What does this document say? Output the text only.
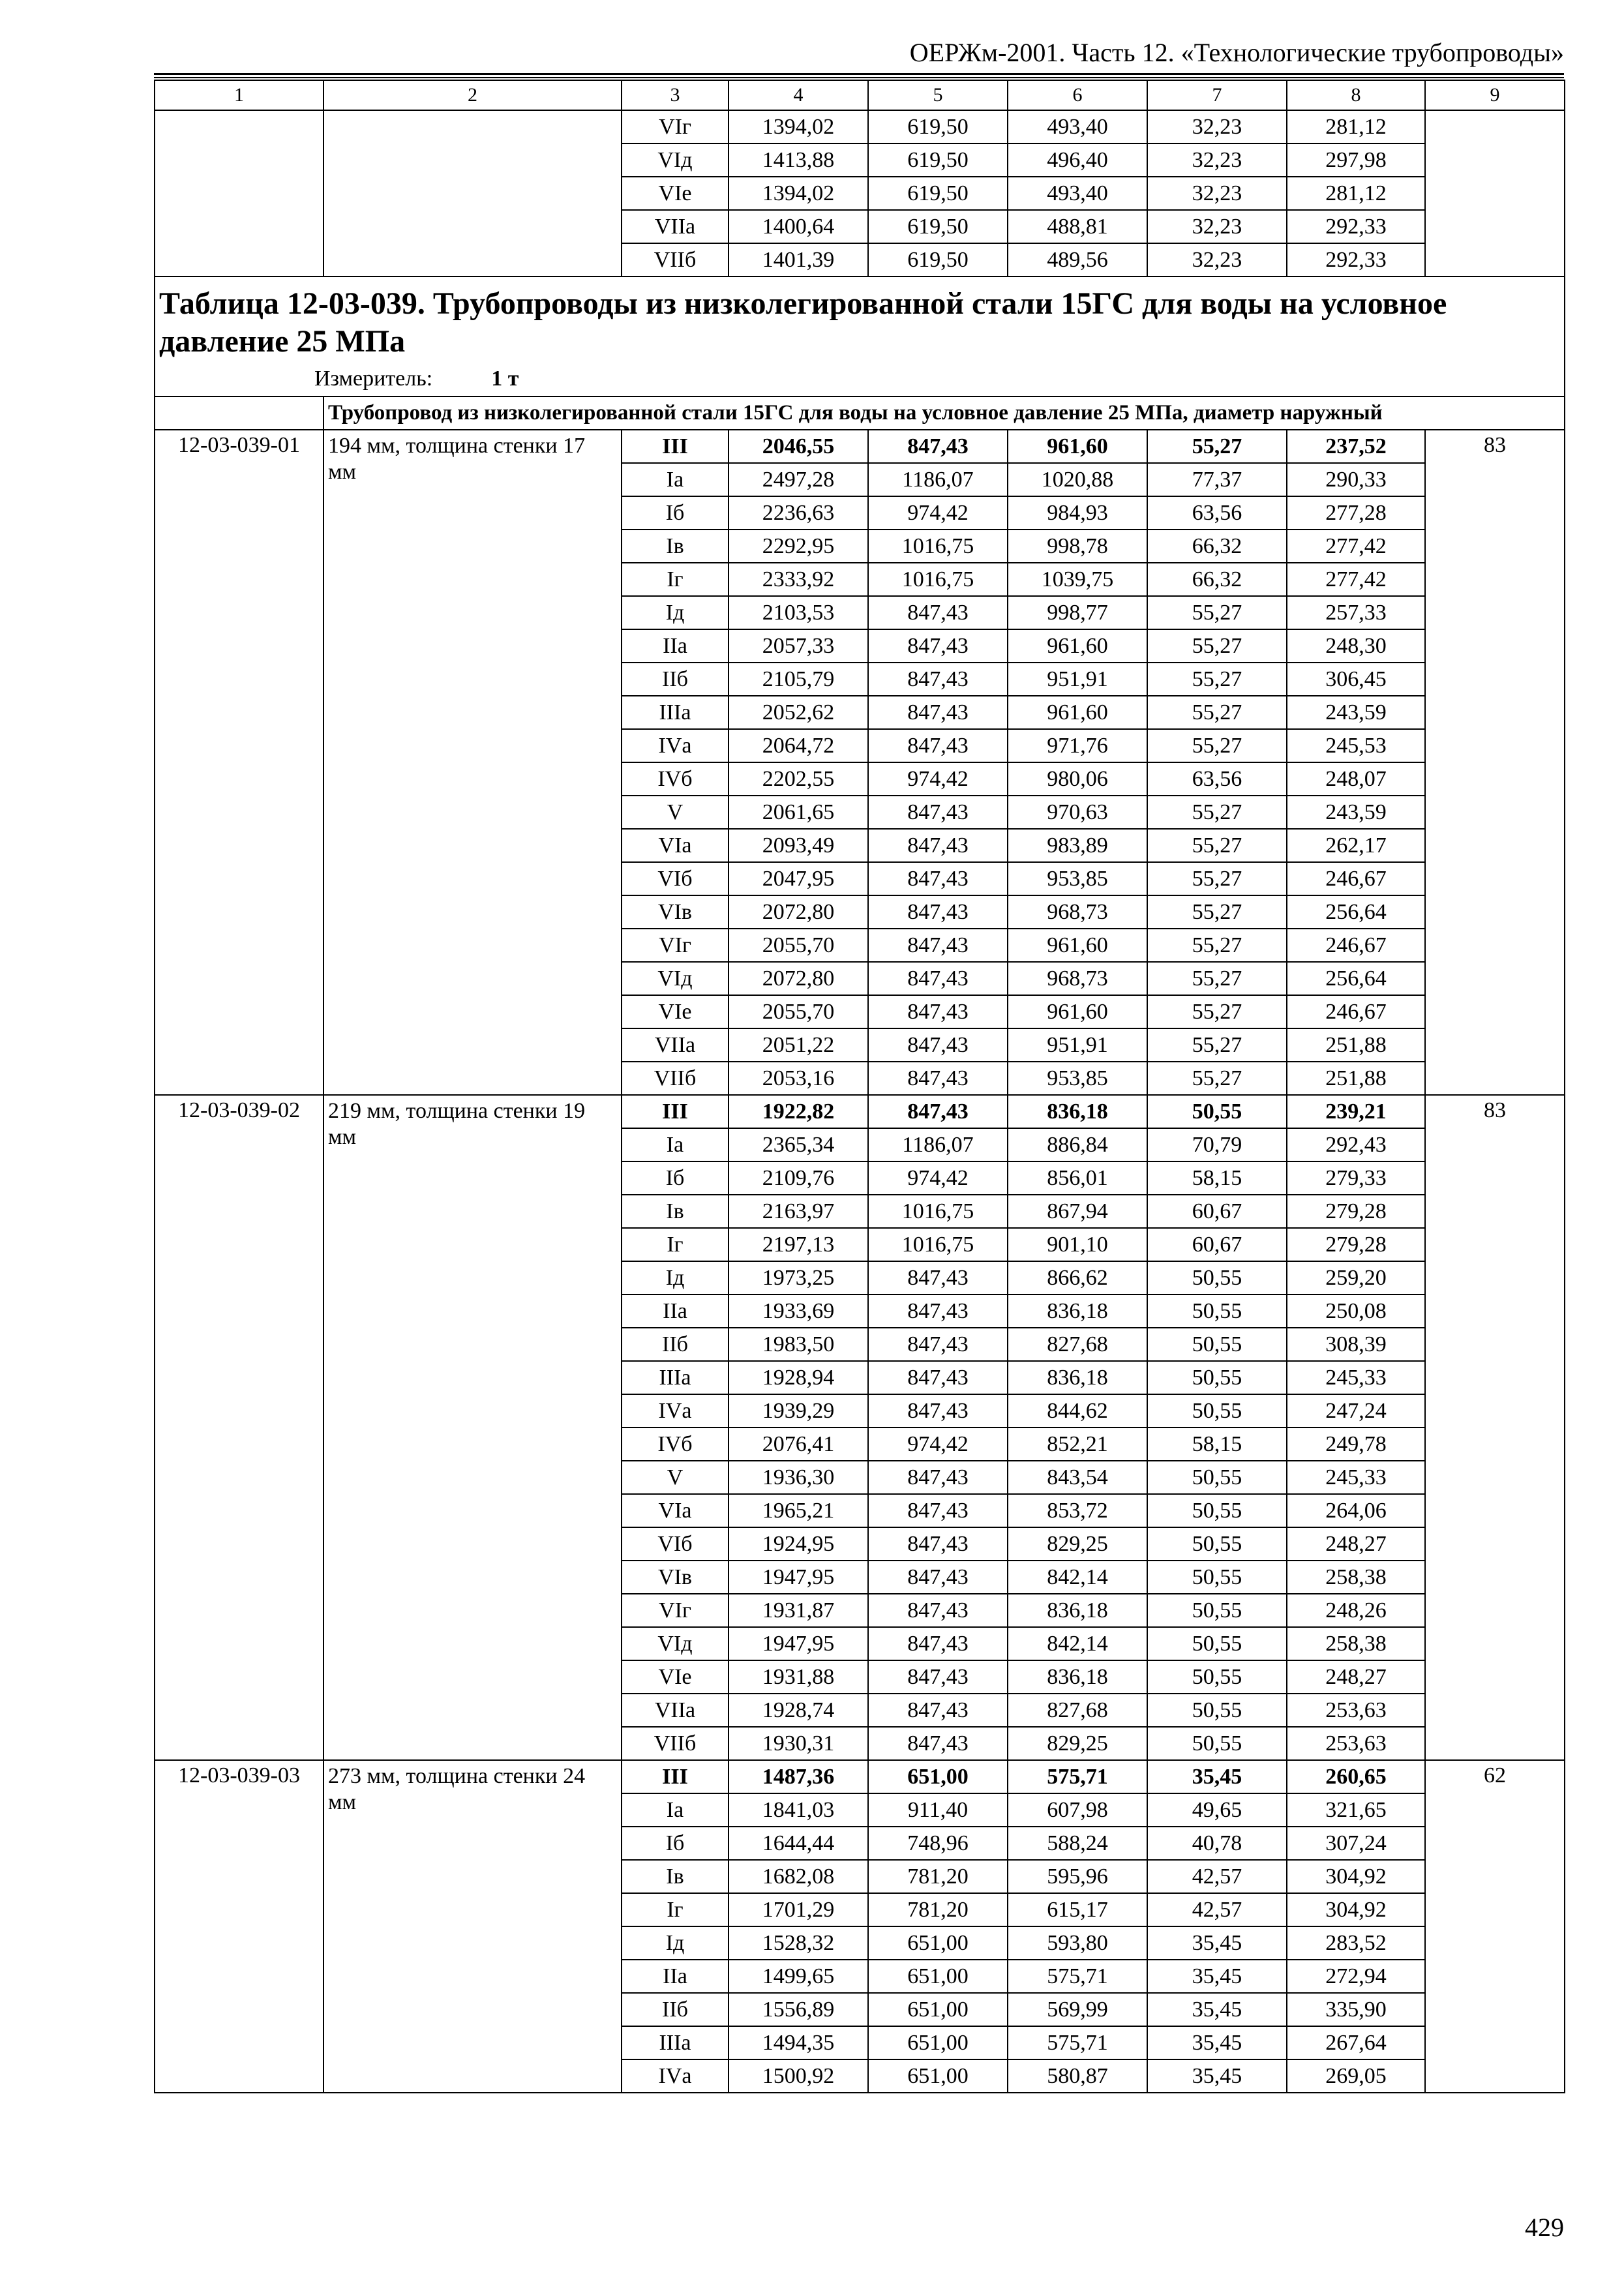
ОЕРЖм-2001. Часть 12. «Технологические трубопроводы»
1	2	3	4	5	6	7	8	9
		VIг	1394,02	619,50	493,40	32,23	281,12	
		VIд	1413,88	619,50	496,40	32,23	297,98	
		VIе	1394,02	619,50	493,40	32,23	281,12	
		VIIа	1400,64	619,50	488,81	32,23	292,33	
		VIIб	1401,39	619,50	489,56	32,23	292,33	

Таблица 12-03-039. Трубопроводы из низколегированной стали 15ГС для воды на условное давление 25 МПа
Измеритель: 1 т								

	Трубопровод из низколегированной стали 15ГС для воды на условное давление 25 МПа, диаметр наружный							
12-03-039-01	194 мм, толщина стенки 17 мм	III	2046,55	847,43	961,60	55,27	237,52	83
		Iа	2497,28	1186,07	1020,88	77,37	290,33	
		Iб	2236,63	974,42	984,93	63,56	277,28	
		Iв	2292,95	1016,75	998,78	66,32	277,42	
		Iг	2333,92	1016,75	1039,75	66,32	277,42	
		Iд	2103,53	847,43	998,77	55,27	257,33	
		IIа	2057,33	847,43	961,60	55,27	248,30	
		IIб	2105,79	847,43	951,91	55,27	306,45	
		IIIа	2052,62	847,43	961,60	55,27	243,59	
		IVа	2064,72	847,43	971,76	55,27	245,53	
		IVб	2202,55	974,42	980,06	63,56	248,07	
		V	2061,65	847,43	970,63	55,27	243,59	
		VIа	2093,49	847,43	983,89	55,27	262,17	
		VIб	2047,95	847,43	953,85	55,27	246,67	
		VIв	2072,80	847,43	968,73	55,27	256,64	
		VIг	2055,70	847,43	961,60	55,27	246,67	
		VIд	2072,80	847,43	968,73	55,27	256,64	
		VIе	2055,70	847,43	961,60	55,27	246,67	
		VIIа	2051,22	847,43	951,91	55,27	251,88	
		VIIб	2053,16	847,43	953,85	55,27	251,88	
12-03-039-02	219 мм, толщина стенки 19 мм	III	1922,82	847,43	836,18	50,55	239,21	83
		Iа	2365,34	1186,07	886,84	70,79	292,43	
		Iб	2109,76	974,42	856,01	58,15	279,33	
		Iв	2163,97	1016,75	867,94	60,67	279,28	
		Iг	2197,13	1016,75	901,10	60,67	279,28	
		Iд	1973,25	847,43	866,62	50,55	259,20	
		IIа	1933,69	847,43	836,18	50,55	250,08	
		IIб	1983,50	847,43	827,68	50,55	308,39	
		IIIа	1928,94	847,43	836,18	50,55	245,33	
		IVа	1939,29	847,43	844,62	50,55	247,24	
		IVб	2076,41	974,42	852,21	58,15	249,78	
		V	1936,30	847,43	843,54	50,55	245,33	
		VIа	1965,21	847,43	853,72	50,55	264,06	
		VIб	1924,95	847,43	829,25	50,55	248,27	
		VIв	1947,95	847,43	842,14	50,55	258,38	
		VIг	1931,87	847,43	836,18	50,55	248,26	
		VIд	1947,95	847,43	842,14	50,55	258,38	
		VIе	1931,88	847,43	836,18	50,55	248,27	
		VIIа	1928,74	847,43	827,68	50,55	253,63	
		VIIб	1930,31	847,43	829,25	50,55	253,63	
12-03-039-03	273 мм, толщина стенки 24 мм	III	1487,36	651,00	575,71	35,45	260,65	62
		Iа	1841,03	911,40	607,98	49,65	321,65	
		Iб	1644,44	748,96	588,24	40,78	307,24	
		Iв	1682,08	781,20	595,96	42,57	304,92	
		Iг	1701,29	781,20	615,17	42,57	304,92	
		Iд	1528,32	651,00	593,80	35,45	283,52	
		IIа	1499,65	651,00	575,71	35,45	272,94	
		IIб	1556,89	651,00	569,99	35,45	335,90	
		IIIа	1494,35	651,00	575,71	35,45	267,64	
		IVа	1500,92	651,00	580,87	35,45	269,05	
429
